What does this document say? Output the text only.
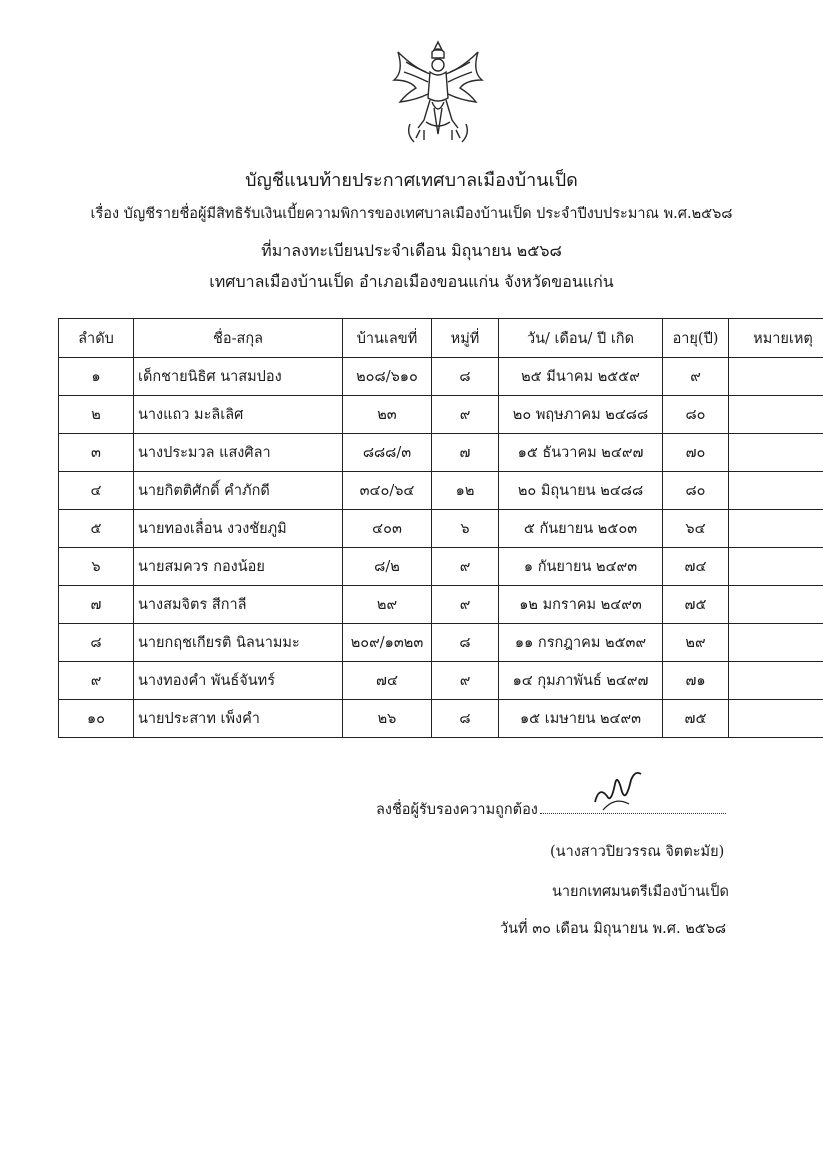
บัญชีแนบท้ายประกาศเทศบาลเมืองบ้านเป็ด
เรื่อง บัญชีรายชื่อผู้มีสิทธิรับเงินเบี้ยความพิการของเทศบาลเมืองบ้านเป็ด ประจำปีงบประมาณ พ.ศ.๒๕๖๘
ที่มาลงทะเบียนประจำเดือน มิถุนายน ๒๕๖๘
เทศบาลเมืองบ้านเป็ด อำเภอเมืองขอนแก่น จังหวัดขอนแก่น
ลำดับ	ชื่อ-สกุล	บ้านเลขที่	หมู่ที่	วัน/ เดือน/ ปี เกิด	อายุ(ปี)	หมายเหตุ
๑	เด็กชายนิธิศ นาสมปอง	๒๐๘/๖๑๐	๘	๒๕ มีนาคม ๒๕๕๙	๙	
๒	นางแถว มะลิเลิศ	๒๓	๙	๒๐ พฤษภาคม ๒๔๘๘	๘๐	
๓	นางประมวล แสงศิลา	๘๘๘/๓	๗	๑๕ ธันวาคม ๒๔๙๗	๗๐	
๔	นายกิตติศักดิ์ คำภักดี	๓๔๐/๖๔	๑๒	๒๐ มิถุนายน ๒๔๘๘	๘๐	
๕	นายทองเลื่อน งวงชัยภูมิ	๔๐๓	๖	๕ กันยายน ๒๕๐๓	๖๔	
๖	นายสมควร กองน้อย	๘/๒	๙	๑ กันยายน ๒๔๙๓	๗๔	
๗	นางสมจิตร สีกาลี	๒๙	๙	๑๒ มกราคม ๒๔๙๓	๗๕	
๘	นายกฤชเกียรติ นิลนามมะ	๒๐๙/๑๓๒๓	๘	๑๑ กรกฎาคม ๒๕๓๙	๒๙	
๙	นางทองคำ พันธ์จันทร์	๗๔	๙	๑๔ กุมภาพันธ์ ๒๔๙๗	๗๑	
๑๐	นายประสาท เพ็งคำ	๒๖	๘	๑๕ เมษายน ๒๔๙๓	๗๕	
ลงชื่อผู้รับรองความถูกต้อง
(นางสาวปิยวรรณ จิตตะมัย)
นายกเทศมนตรีเมืองบ้านเป็ด
วันที่ ๓๐ เดือน มิถุนายน พ.ศ. ๒๕๖๘
